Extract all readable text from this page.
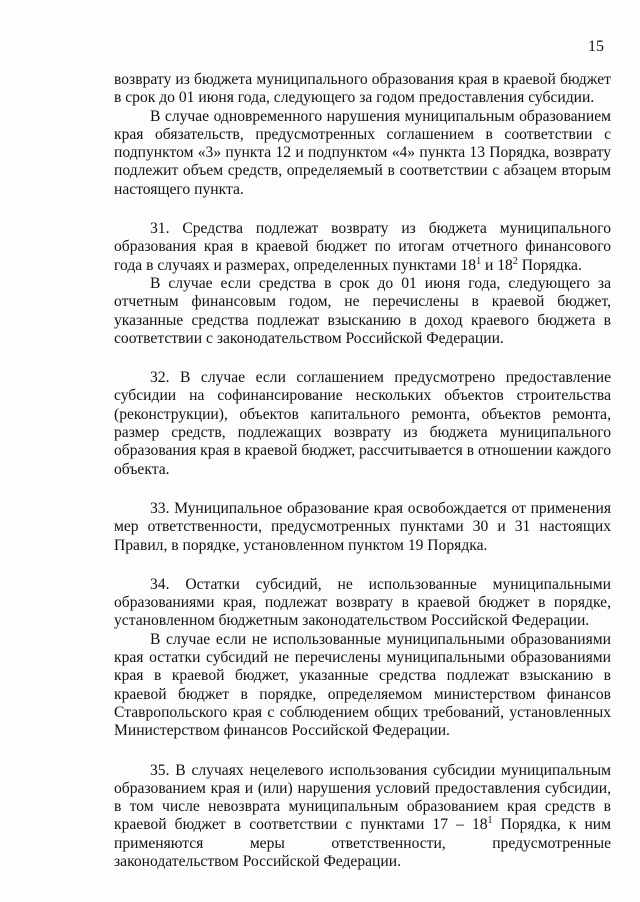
15

возврату из бюджета муниципального образования края в краевой бюджет в срок до 01 июня года, следующего за годом предоставления субсидии.

В случае одновременного нарушения муниципальным образованием края обязательств, предусмотренных соглашением в соответствии с подпунктом «3» пункта 12 и подпунктом «4» пункта 13 Порядка, возврату подлежит объем средств, определяемый в соответствии с абзацем вторым настоящего пункта.

31. Средства подлежат возврату из бюджета муниципального образования края в краевой бюджет по итогам отчетного финансового года в случаях и размерах, определенных пунктами $18^1$ и $18^2$ Порядка.

В случае если средства в срок до 01 июня года, следующего за отчетным финансовым годом, не перечислены в краевой бюджет, указанные средства подлежат взысканию в доход краевого бюджета в соответствии с законодательством Российской Федерации.

32. В случае если соглашением предусмотрено предоставление субсидии на софинансирование нескольких объектов строительства (реконструкции), объектов капитального ремонта, объектов ремонта, размер средств, подлежащих возврату из бюджета муниципального образования края в краевой бюджет, рассчитывается в отношении каждого объекта.

33. Муниципальное образование края освобождается от применения мер ответственности, предусмотренных пунктами 30 и 31 настоящих Правил, в порядке, установленном пунктом 19 Порядка.

34. Остатки субсидий, не использованные муниципальными образованиями края, подлежат возврату в краевой бюджет в порядке, установленном бюджетным законодательством Российской Федерации.

В случае если не использованные муниципальными образованиями края остатки субсидий не перечислены муниципальными образованиями края в краевой бюджет, указанные средства подлежат взысканию в краевой бюджет в порядке, определяемом министерством финансов Ставропольского края с соблюдением общих требований, установленных Министерством финансов Российской Федерации.

35. В случаях нецелевого использования субсидии муниципальным образованием края и (или) нарушения условий предоставления субсидии, в том числе невозврата муниципальным образованием края средств в краевой бюджет в соответствии с пунктами $17 - 18^1$ Порядка, к ним применяются меры ответственности, предусмотренные законодательством Российской Федерации.
